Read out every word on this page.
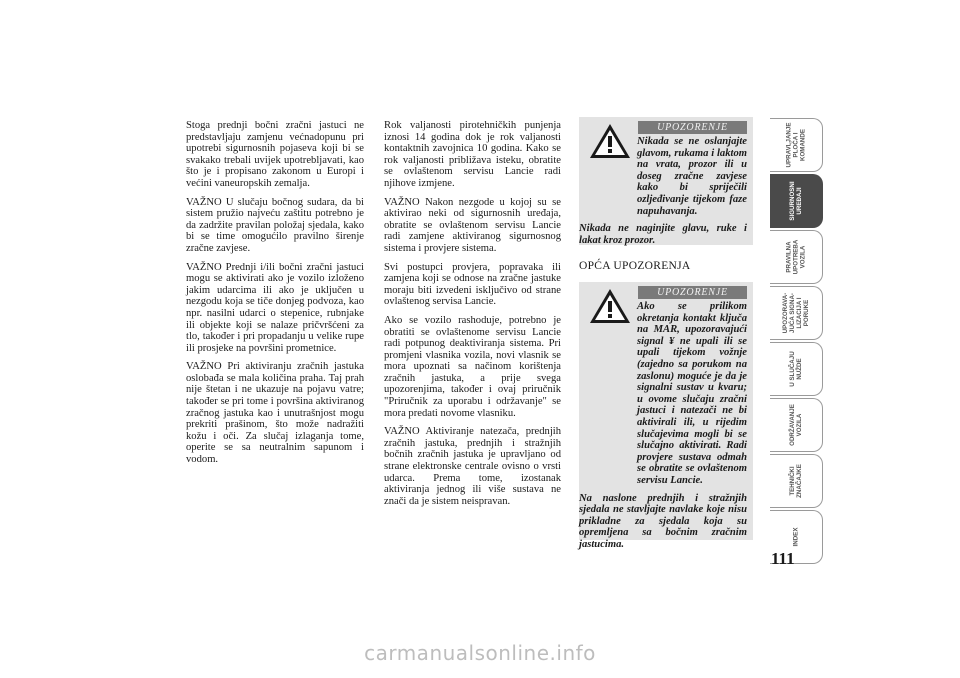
Stoga prednji bočni zračni jastuci ne predstavljaju zamjenu većnadopunu pri upotrebi sigurnosnih pojaseva koji bi se svakako trebali uvijek upotrebljavati, kao što je i propisano zakonom u Europi i većini vaneuropskih zemalja.

VAŽNO U slučaju bočnog sudara, da bi sistem pružio najveću zaštitu potrebno je da zadržite pravilan položaj sjedala, kako bi se time omogućilo pravilno širenje zračne zavjese.

VAŽNO Prednji i/ili bočni zračni jastuci mogu se aktivirati ako je vozilo izloženo jakim udarcima ili ako je uključen u nezgodu koja se tiče donjeg podvoza, kao npr. nasilni udarci o stepenice, rubnjake ili objekte koji se nalaze pričvršćeni za tlo, također i pri propadanju u velike rupe ili prosjeke na površini prometnice.

VAŽNO Pri aktiviranju zračnih jastuka oslobađa se mala količina praha. Taj prah nije štetan i ne ukazuje na pojavu vatre; također se pri tome i površina aktiviranog zračnog jastuka kao i unutrašnjost mogu prekriti prašinom, što može nadražiti kožu i oči. Za slučaj izlaganja tome, operite se sa neutralnim sapunom i vodom.

Rok valjanosti pirotehničkih punjenja iznosi 14 godina dok je rok valjanosti kontaktnih zavojnica 10 godina. Kako se rok valjanosti približava isteku, obratite se ovlaštenom servisu Lancie radi njihove izmjene.

VAŽNO Nakon nezgode u kojoj su se aktivirao neki od sigurnosnih uređaja, obratite se ovlaštenom servisu Lancie radi zamjene aktiviranog sigurnosnog sistema i provjere sistema.

Svi postupci provjera, popravaka ili zamjena koji se odnose na zračne jastuke moraju biti izvedeni isključivo od strane ovlaštenog servisa Lancie.

Ako se vozilo rashoduje, potrebno je obratiti se ovlaštenome servisu Lancie radi potpunog deaktiviranja sistema. Pri promjeni vlasnika vozila, novi vlasnik se mora upoznati sa načinom korištenja zračnih jastuka, a prije svega upozorenjima, također i ovaj priručnik "Priručnik za uporabu i održavanje" se mora predati novome vlasniku.

VAŽNO Aktiviranje natezača, prednjih zračnih jastuka, prednjih i stražnjih bočnih zračnih jastuka je upravljano od strane elektronske centrale ovisno o vrsti udarca. Prema tome, izostanak aktiviranja jednog ili više sustava ne znači da je sistem neispravan.

UPOZORENJE

Nikada se ne oslanjajte glavom, rukama i laktom na vrata, prozor ili u doseg zračne zavjese kako bi spriječili ozljeđivanje tijekom faze napuhavanja.

Nikada ne naginjite glavu, ruke i lakat kroz prozor.

OPĆA UPOZORENJA
UPOZORENJE

Ako se prilikom okretanja kontakt ključa na MAR, upozoravajući signal ¥ ne upali ili se upali tijekom vožnje (zajedno sa porukom na zaslonu) moguće je da je signalni sustav u kvaru; u ovome slučaju zračni jastuci i natezači ne bi aktivirali ili, u rijedim slučajevima mogli bi se slučajno aktivirati. Radi provjere sustava odmah se obratite se ovlaštenom servisu Lancie.

Na naslone prednjih i stražnjih sjedala ne stavljajte navlake koje nisu prikladne za sjedala koja su opremljena sa bočnim zračnim jastucima.

UPRAVLJANJE PLOČA I KOMANDE
SIGURNOSNI UREĐAJI
PRAVILNA UPOTREBA VOZILA
UPOZORAVA-JUĆA SIGNA-LIZACIJA I PORUKE
U SLUČAJU NUŽDE
ODRŽAVANJE VOZILA
TEHNIČKI ZNAČAJKE
INDEX
111
carmanualsonline.info
